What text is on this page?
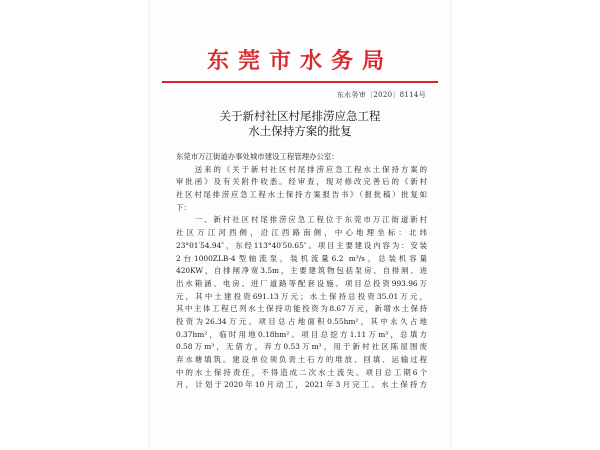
东莞市水务局
东水务审〔2020〕8114号
关于新村社区村尾排涝应急工程
水土保持方案的批复
东莞市万江街道办事处城市建设工程管理办公室：
　　送来的《关于新村社区村尾排涝应急工程水土保持方案的
审批函》及有关附件收悉。经审查，现对修改完善后的《新村
社区村尾排涝应急工程水土保持方案报告书》（报批稿）批复如
下：
　　一、新村社区村尾排涝应急工程位于东莞市万江街道新村
社区万江河西侧，沿江西路南侧，中心地理坐标：北纬
23°01′54.94″，东经113°40′50.65″。项目主要建设内容为：安装
2台1000ZLB-4型轴流泵，装机流量6.2 m³/s，总装机容量
420KW，自排闸净宽3.5m，主要建筑物包括泵房、自排闸、进
出水箱涵、电房、进厂道路等配套设施。项目总投资993.96万
元，其中土建投资691.13万元；水土保持总投资35.01万元，
其中主体工程已列水土保持功能投资为8.67万元，新增水土保持
投资为26.34万元。项目总占地面积0.55hm²，其中永久占地
0.37hm²，临时用地0.18hm²。项目总挖方1.11万m³，总填方
0.58万m³，无借方，弃方0.53万m³，用于新村社区陈屋围废
弃水塘填筑。建设单位须负责土石方的堆放、回填、运输过程
中的水土保持责任，不得造成二次水土流失。项目总工期6个
月，计划于2020年10月动工，2021年3月完工。水土保持方
